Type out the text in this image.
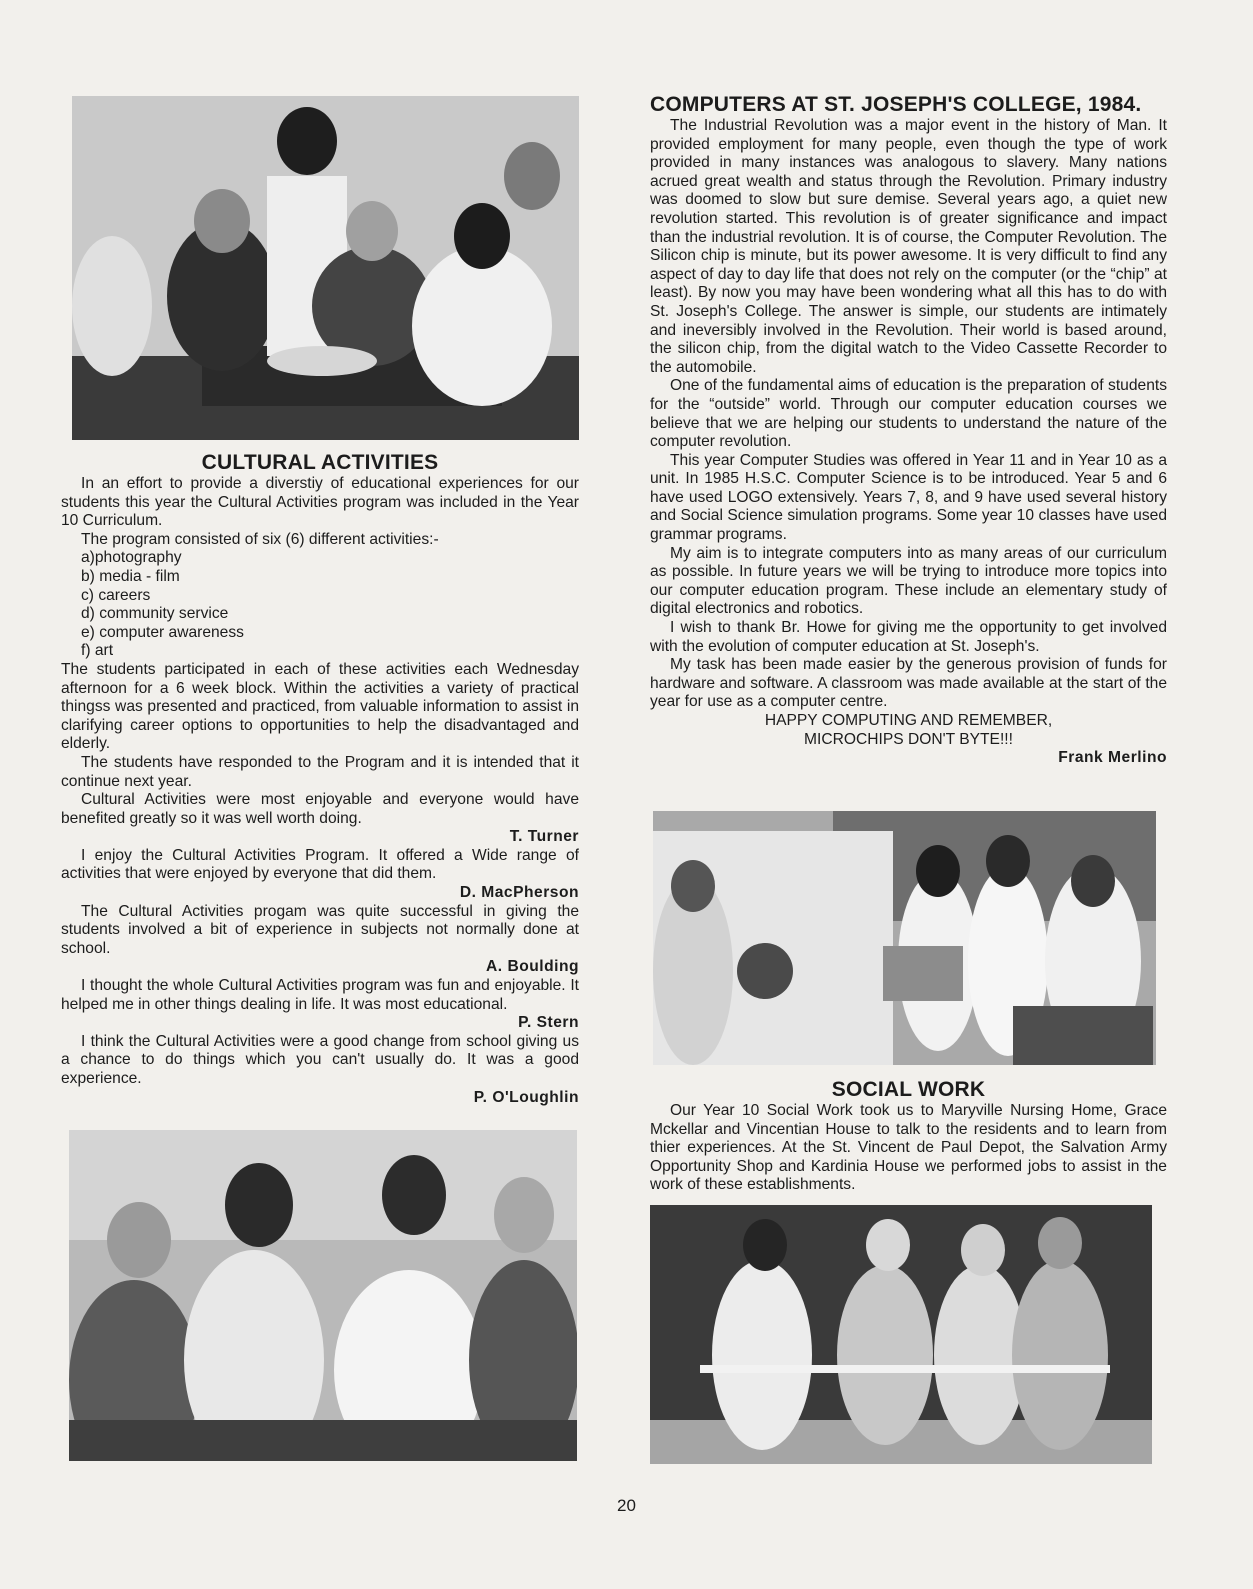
CULTURAL ACTIVITIES

In an effort to provide a diverstiy of educational experiences for our students this year the Cultural Activities program was included in the Year 10 Curriculum.

The program consisted of six (6) different activities:-

a)photography
b) media - film
c) careers
d) community service
e) computer awareness
f) art

The students participated in each of these activities each Wednesday afternoon for a 6 week block. Within the activities a variety of practical thingss was presented and practiced, from valuable information to assist in clarifying career options to opportunities to help the disadvantaged and elderly.

The students have responded to the Program and it is intended that it continue next year.

Cultural Activities were most enjoyable and everyone would have benefited greatly so it was well worth doing.

T. Turner

I enjoy the Cultural Activities Program. It offered a Wide range of activities that were enjoyed by everyone that did them.

D. MacPherson

The Cultural Activities progam was quite successful in giving the students involved a bit of experience in subjects not normally done at school.

A. Boulding

I thought the whole Cultural Activities program was fun and enjoyable. It helped me in other things dealing in life. It was most educational.

P. Stern

I think the Cultural Activities were a good change from school giving us a chance to do things which you can't usually do. It was a good experience.

P. O'Loughlin
COMPUTERS AT ST. JOSEPH'S COLLEGE, 1984.

The Industrial Revolution was a major event in the history of Man. It provided employment for many people, even though the type of work provided in many instances was analogous to slavery. Many nations acrued great wealth and status through the Revolution. Primary industry was doomed to slow but sure demise. Several years ago, a quiet new revolution started. This revolution is of greater significance and impact than the industrial revolution. It is of course, the Computer Revolution. The Silicon chip is minute, but its power awesome. It is very difficult to find any aspect of day to day life that does not rely on the computer (or the “chip” at least). By now you may have been wondering what all this has to do with St. Joseph's College. The answer is simple, our students are intimately and ineversibly involved in the Revolution. Their world is based around, the silicon chip, from the digital watch to the Video Cassette Recorder to the automobile.

One of the fundamental aims of education is the preparation of students for the “outside” world. Through our computer education courses we believe that we are helping our students to understand the nature of the computer revolution.

This year Computer Studies was offered in Year 11 and in Year 10 as a unit. In 1985 H.S.C. Computer Science is to be introduced. Year 5 and 6 have used LOGO extensively. Years 7, 8, and 9 have used several history and Social Science simulation programs. Some year 10 classes have used grammar programs.

My aim is to integrate computers into as many areas of our curriculum as possible. In future years we will be trying to introduce more topics into our computer education program. These include an elementary study of digital electronics and robotics.

I wish to thank Br. Howe for giving me the opportunity to get involved with the evolution of computer education at St. Joseph's.

My task has been made easier by the generous provision of funds for hardware and software. A classroom was made available at the start of the year for use as a computer centre.

HAPPY COMPUTING AND REMEMBER,

MICROCHIPS DON'T BYTE!!!

Frank Merlino
SOCIAL WORK

Our Year 10 Social Work took us to Maryville Nursing Home, Grace Mckellar and Vincentian House to talk to the residents and to learn from thier experiences. At the St. Vincent de Paul Depot, the Salvation Army Opportunity Shop and Kardinia House we performed jobs to assist in the work of these establishments.

20
